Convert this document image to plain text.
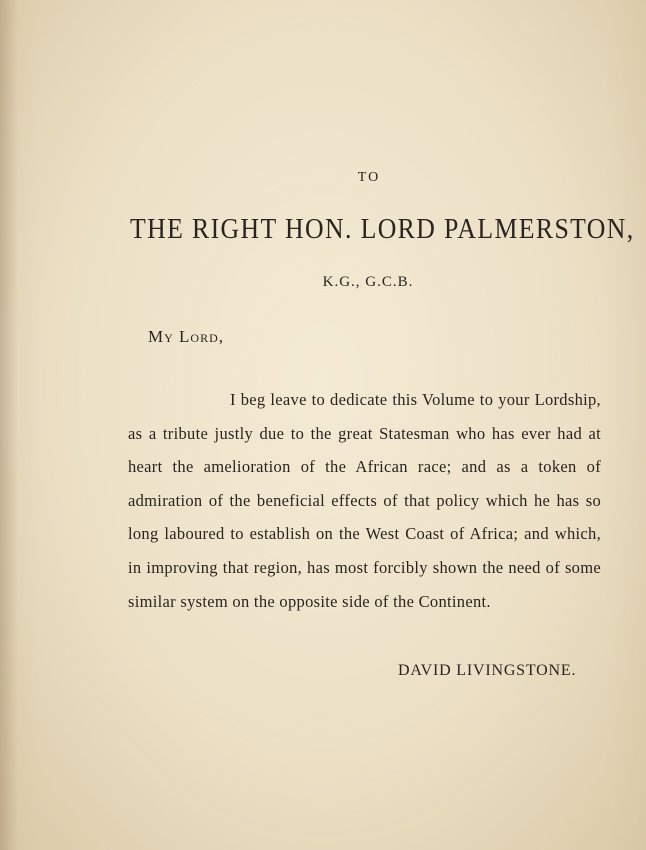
TO
THE RIGHT HON. LORD PALMERSTON,
K.G., G.C.B.
My Lord,
I beg leave to dedicate this Volume to your Lordship, as a tribute justly due to the great Statesman who has ever had at heart the amelioration of the African race; and as a token of admiration of the beneficial effects of that policy which he has so long laboured to establish on the West Coast of Africa; and which, in improving that region, has most forcibly shown the need of some similar system on the opposite side of the Continent.
DAVID LIVINGSTONE.
